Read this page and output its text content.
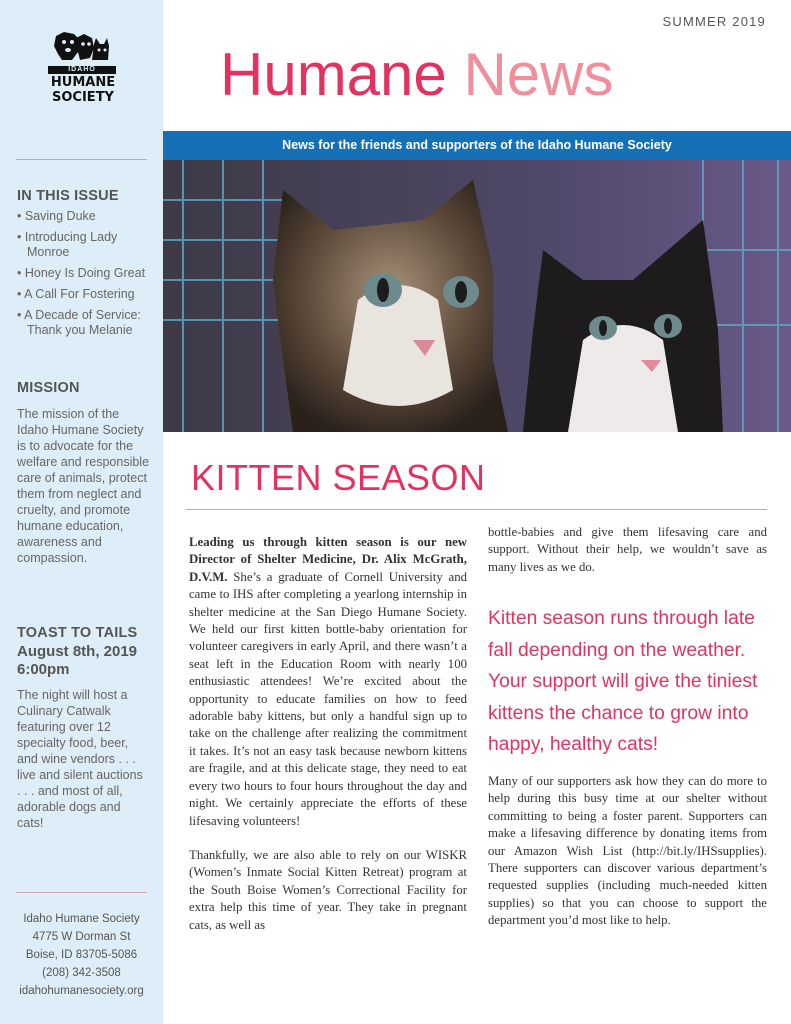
IDAHO
HUMANE
SOCIETY
IN THIS ISSUE
• Saving Duke
• Introducing Lady Monroe
• Honey Is Doing Great
• A Call For Fostering
• A Decade of Service: Thank you Melanie
MISSION
The mission of the Idaho Humane Society is to advocate for the welfare and responsible care of animals, protect them from neglect and cruelty, and promote humane education, awareness and compassion.
TOAST TO TAILS
August 8th, 2019
6:00pm
The night will host a Culinary Catwalk featuring over 12 specialty food, beer, and wine vendors . . . live and silent auctions . . . and most of all, adorable dogs and cats!
Idaho Humane Society
4775 W Dorman St
Boise, ID 83705-5086
(208) 342-3508
idahohumanesociety.org
SUMMER 2019
Humane News
News for the friends and supporters of the Idaho Humane Society
KITTEN SEASON

Leading us through kitten season is our new Director of Shelter Medicine, Dr. Alix McGrath, D.V.M. She’s a graduate of Cornell University and came to IHS after completing a yearlong internship in shelter medicine at the San Diego Humane Society. We held our first kitten bottle-baby orientation for volunteer caregivers in early April, and there wasn’t a seat left in the Education Room with nearly 100 enthusiastic attendees! We’re excited about the opportunity to educate families on how to feed adorable baby kittens, but only a handful sign up to take on the challenge after realizing the commitment it takes. It’s not an easy task because newborn kittens are fragile, and at this delicate stage, they need to eat every two hours to four hours throughout the day and night. We certainly appreciate the efforts of these lifesaving volunteers!

Thankfully, we are also able to rely on our WISKR (Women’s Inmate Social Kitten Retreat) program at the South Boise Women’s Correctional Facility for extra help this time of year. They take in pregnant cats, as well as

bottle-babies and give them lifesaving care and support. Without their help, we wouldn’t save as many lives as we do.
Kitten season runs through late fall depending on the weather. Your support will give the tiniest kittens the chance to grow into happy, healthy cats!
Many of our supporters ask how they can do more to help during this busy time at our shelter without committing to being a foster parent. Supporters can make a lifesaving difference by donating items from our Amazon Wish List (http://bit.ly/IHSsupplies). There supporters can discover various department’s requested supplies (including much-needed kitten supplies) so that you can choose to support the department you’d most like to help.
